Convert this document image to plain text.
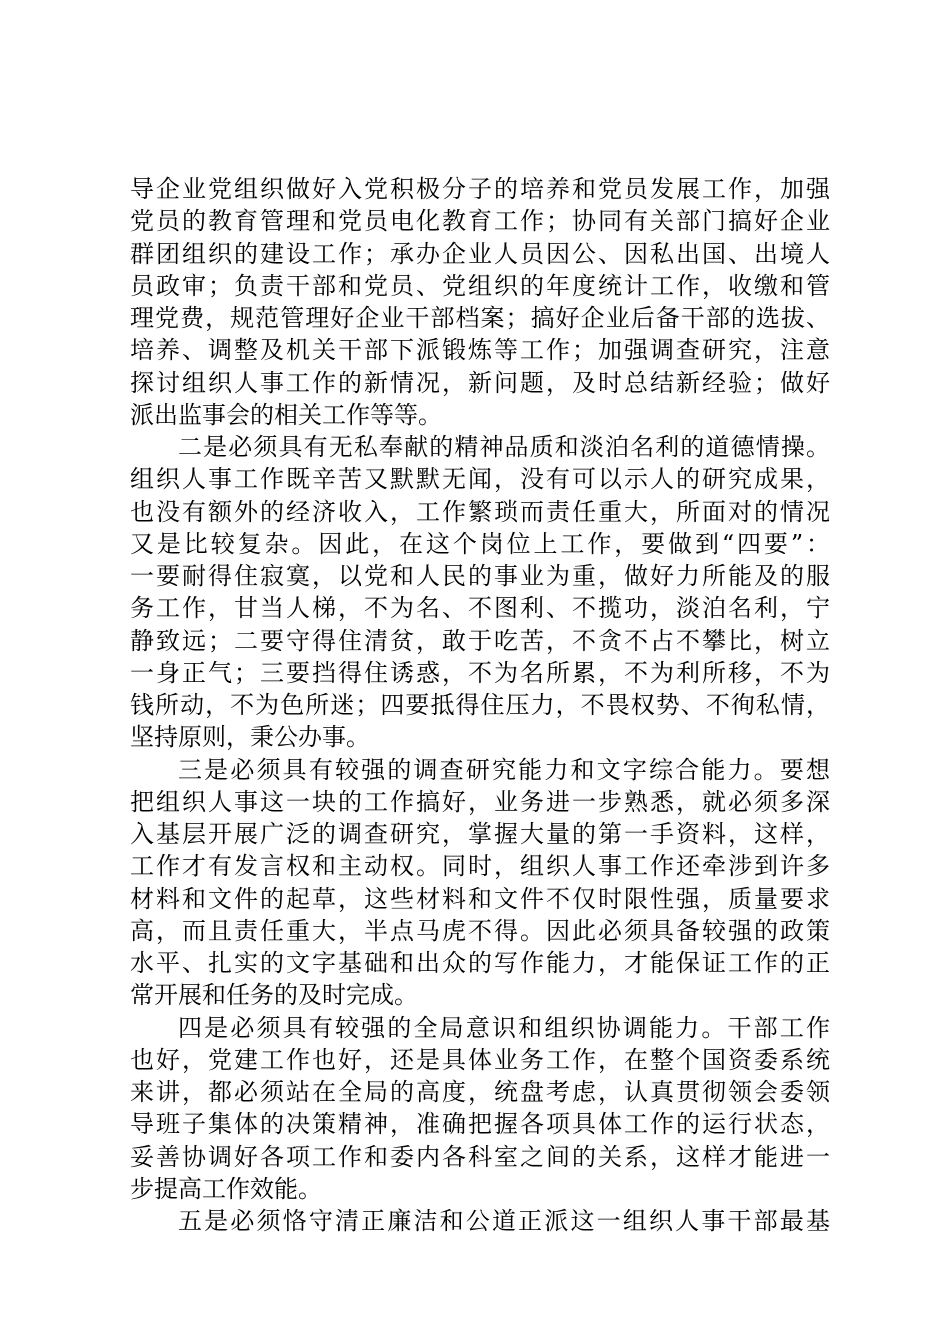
导企业党组织做好入党积极分子的培养和党员发展工作，加强
党员的教育管理和党员电化教育工作；协同有关部门搞好企业
群团组织的建设工作；承办企业人员因公、因私出国、出境人
员政审；负责干部和党员、党组织的年度统计工作，收缴和管
理党费，规范管理好企业干部档案；搞好企业后备干部的选拔、
培养、调整及机关干部下派锻炼等工作；加强调查研究，注意
探讨组织人事工作的新情况，新问题，及时总结新经验；做好
派出监事会的相关工作等等。
二是必须具有无私奉献的精神品质和淡泊名利的道德情操。
组织人事工作既辛苦又默默无闻，没有可以示人的研究成果，
也没有额外的经济收入，工作繁琐而责任重大，所面对的情况
又是比较复杂。因此，在这个岗位上工作，要做到“四要”：
一要耐得住寂寞，以党和人民的事业为重，做好力所能及的服
务工作，甘当人梯，不为名、不图利、不揽功，淡泊名利，宁
静致远；二要守得住清贫，敢于吃苦，不贪不占不攀比，树立
一身正气；三要挡得住诱惑，不为名所累，不为利所移，不为
钱所动，不为色所迷；四要抵得住压力，不畏权势、不徇私情，
坚持原则，秉公办事。
三是必须具有较强的调查研究能力和文字综合能力。要想
把组织人事这一块的工作搞好，业务进一步熟悉，就必须多深
入基层开展广泛的调查研究，掌握大量的第一手资料，这样，
工作才有发言权和主动权。同时，组织人事工作还牵涉到许多
材料和文件的起草，这些材料和文件不仅时限性强，质量要求
高，而且责任重大，半点马虎不得。因此必须具备较强的政策
水平、扎实的文字基础和出众的写作能力，才能保证工作的正
常开展和任务的及时完成。
四是必须具有较强的全局意识和组织协调能力。干部工作
也好，党建工作也好，还是具体业务工作，在整个国资委系统
来讲，都必须站在全局的高度，统盘考虑，认真贯彻领会委领
导班子集体的决策精神，准确把握各项具体工作的运行状态，
妥善协调好各项工作和委内各科室之间的关系，这样才能进一
步提高工作效能。
五是必须恪守清正廉洁和公道正派这一组织人事干部最基
